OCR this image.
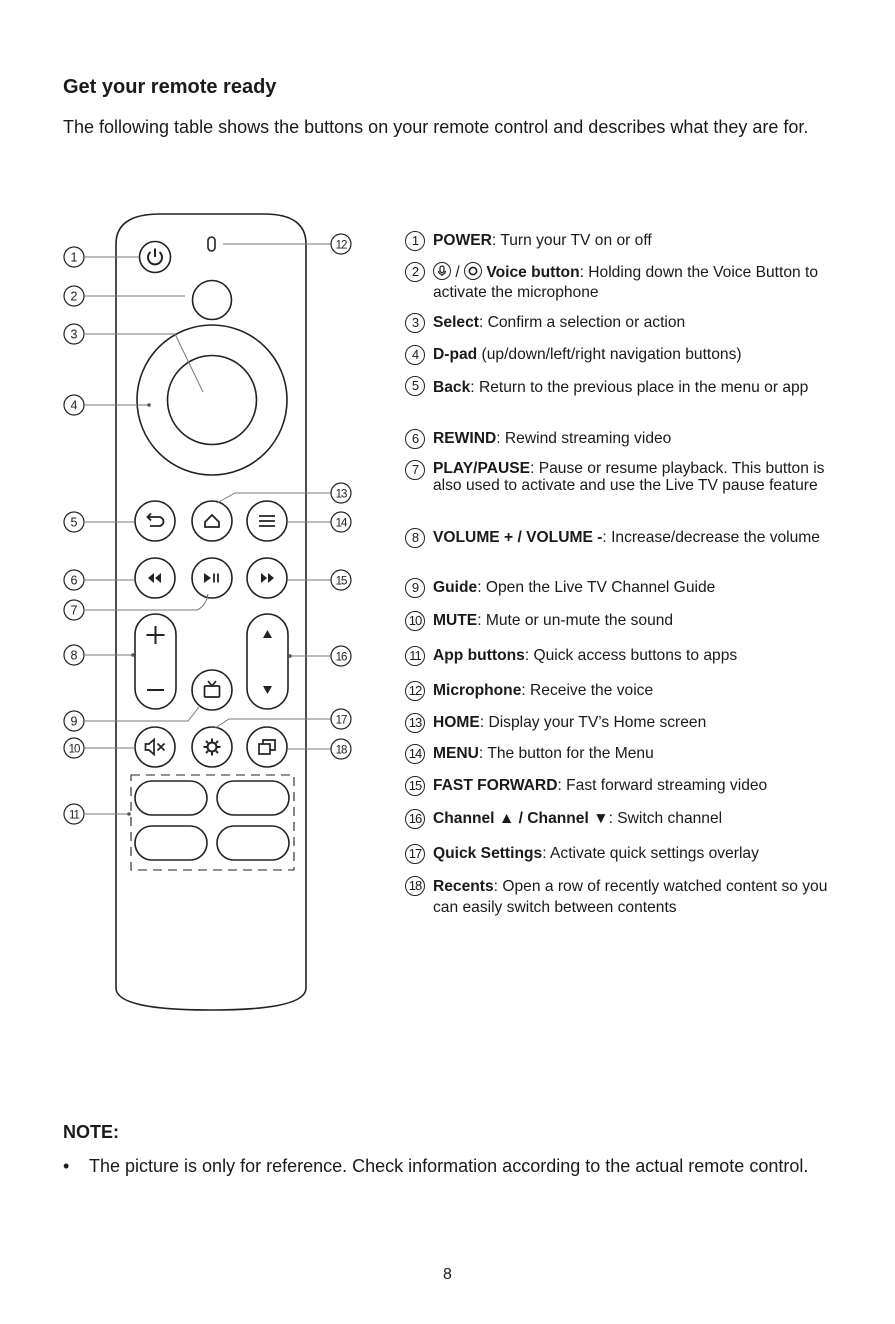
Get your remote ready

The following table shows the buttons on your remote control and describes what they are for.

1
2
3
4
5
6
7
8
9
10
11
12
13
14
15
16
17
18
1 POWER: Turn your TV on or off
2	/
Voice button: Holding down the Voice Button to activate the microphone
3 Select: Confirm a selection or action
4 D-pad (up/down/left/right navigation buttons)
5 Back: Return to the previous place in the menu or app
6 REWIND: Rewind streaming video
7 PLAY/PAUSE: Pause or resume playback. This button is also used to activate and use the Live TV pause feature
8 VOLUME + / VOLUME -: Increase/decrease the volume
9 Guide: Open the Live TV Channel Guide
10 MUTE: Mute or un-mute the sound
11 App buttons: Quick access buttons to apps
12 Microphone: Receive the voice
13 HOME: Display your TV’s Home screen
14 MENU: The button for the Menu
15 FAST FORWARD: Fast forward streaming video
16 Channel ▲ / Channel ▼: Switch channel
17 Quick Settings: Activate quick settings overlay
18 Recents: Open a row of recently watched content so you can easily switch between contents
NOTE:
• The picture is only for reference. Check information according to the actual remote control.
8
